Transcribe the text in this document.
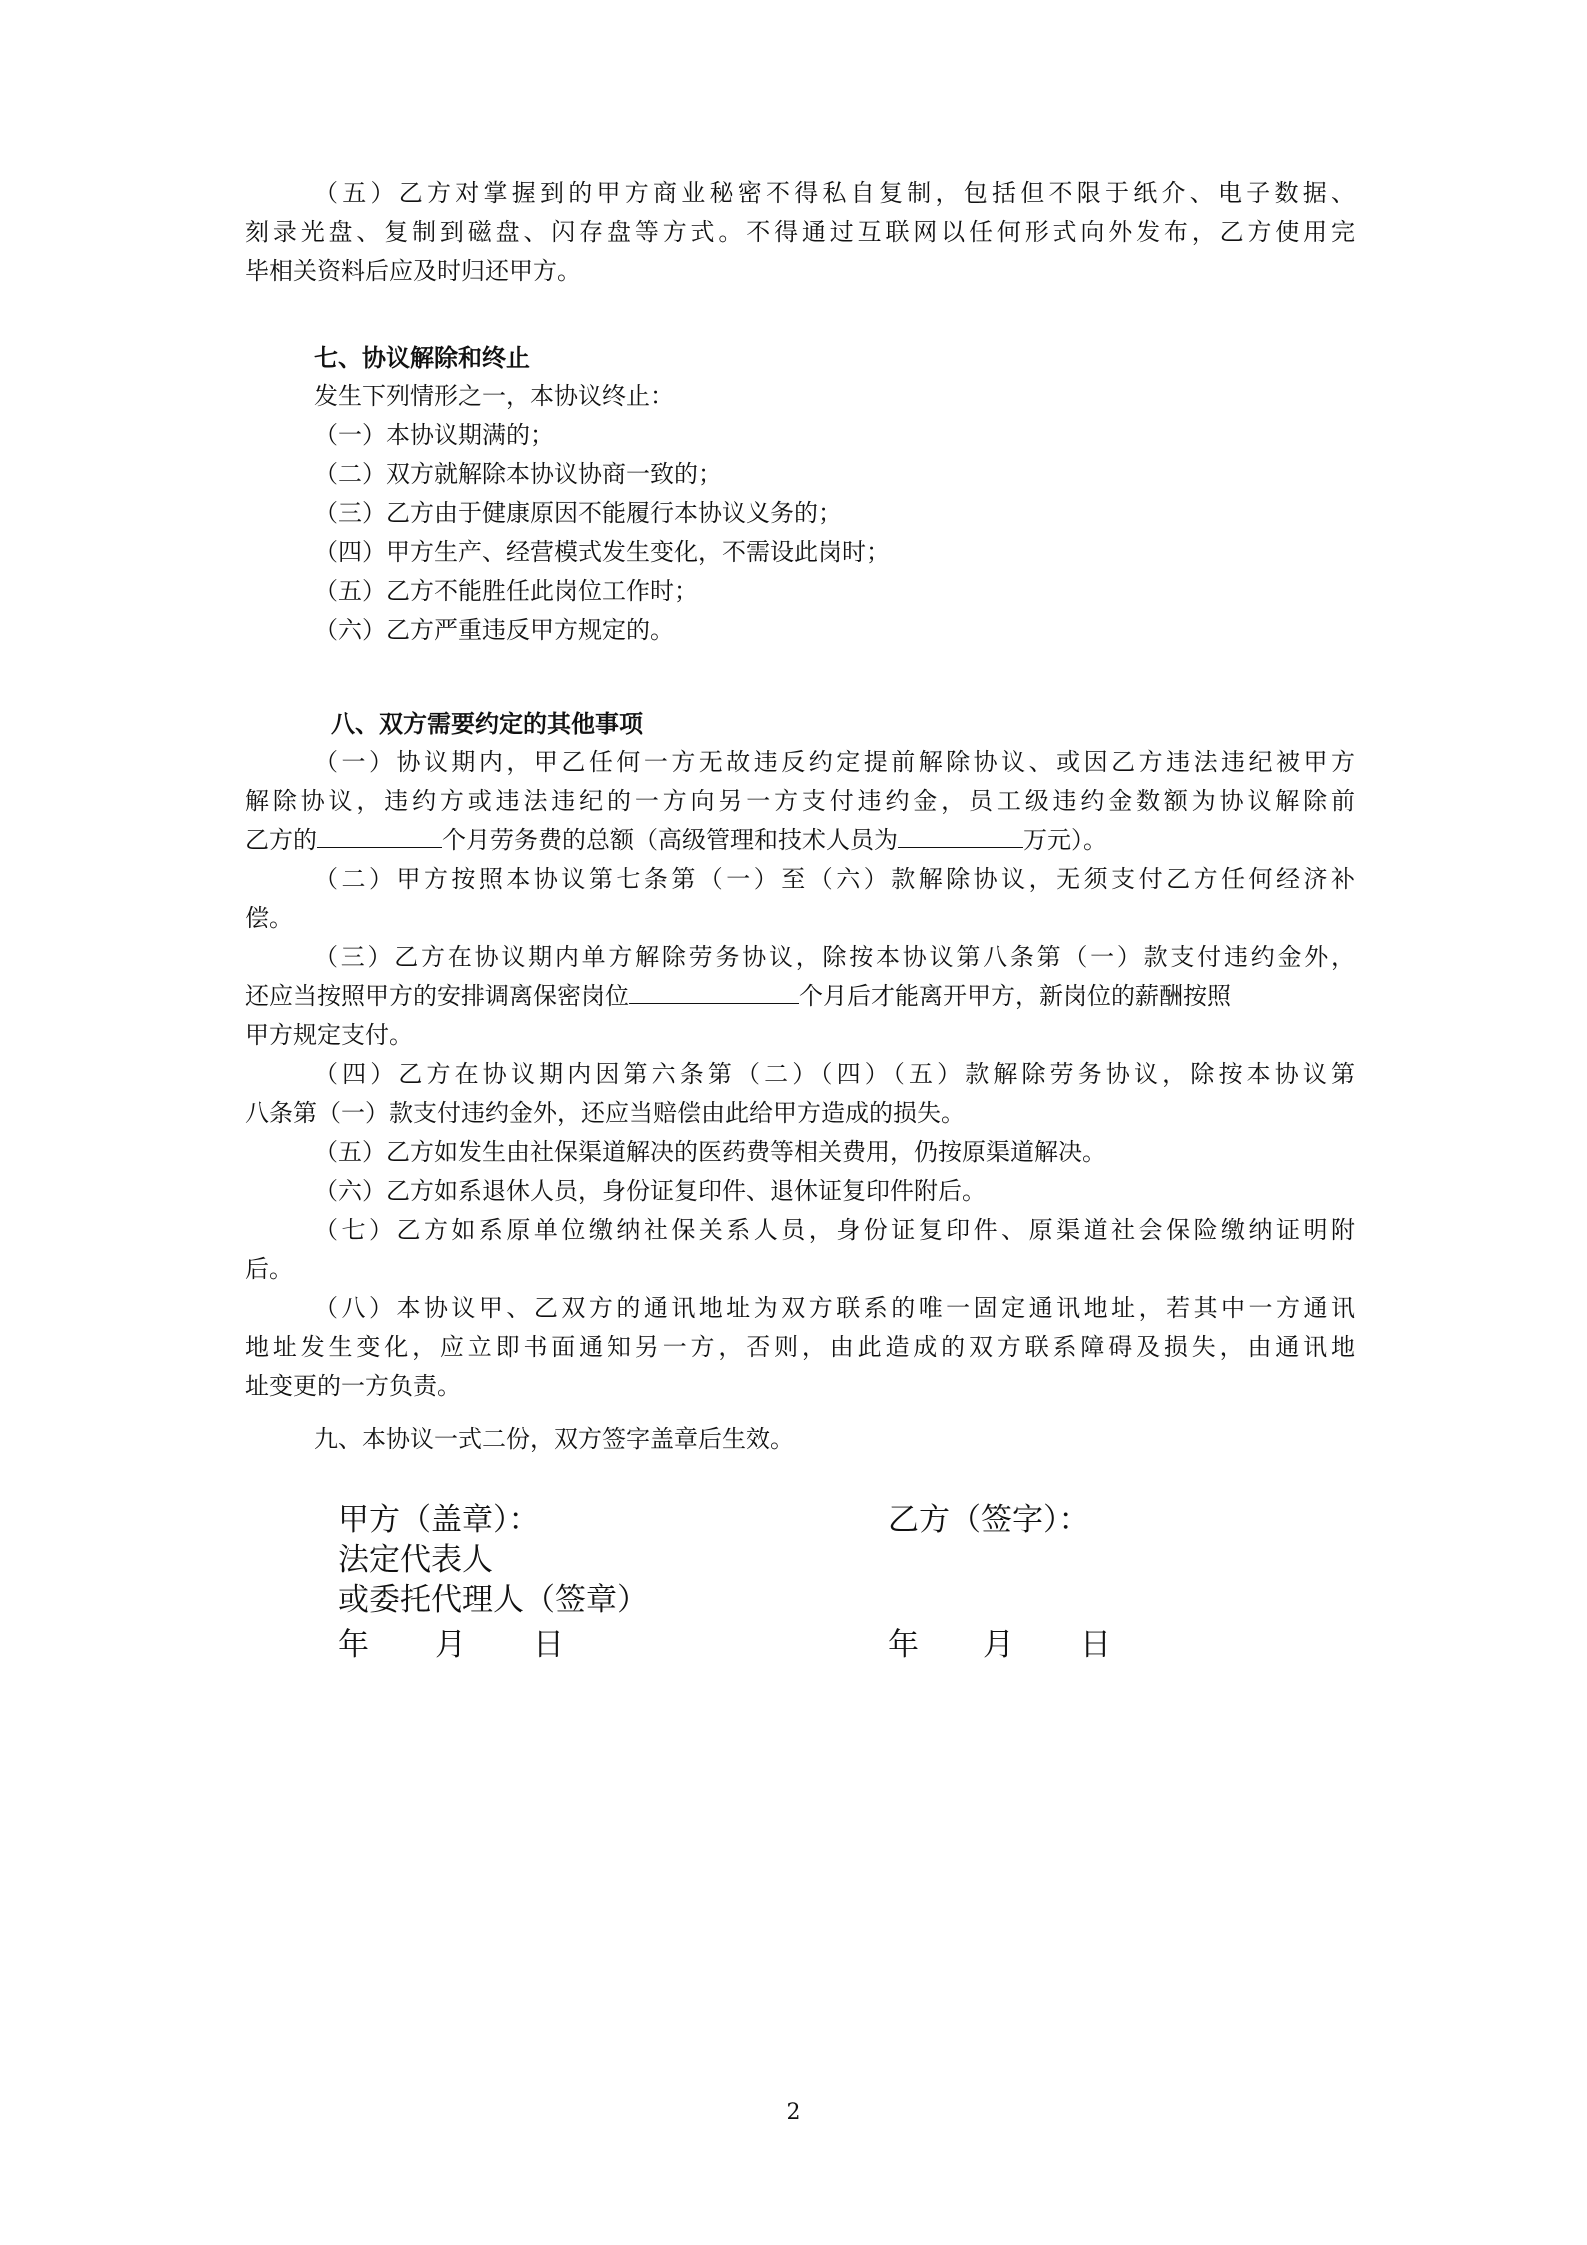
（五）乙方对掌握到的甲方商业秘密不得私自复制，包括但不限于纸介、电子数据、
刻录光盘、复制到磁盘、闪存盘等方式。不得通过互联网以任何形式向外发布，乙方使用完
毕相关资料后应及时归还甲方。
七、协议解除和终止
发生下列情形之一，本协议终止：
（一）本协议期满的；
（二）双方就解除本协议协商一致的；
（三）乙方由于健康原因不能履行本协议义务的；
（四）甲方生产、经营模式发生变化，不需设此岗时；
（五）乙方不能胜任此岗位工作时；
（六）乙方严重违反甲方规定的。
八、双方需要约定的其他事项
（一）协议期内，甲乙任何一方无故违反约定提前解除协议、或因乙方违法违纪被甲方
解除协议，违约方或违法违纪的一方向另一方支付违约金，员工级违约金数额为协议解除前
乙方的	个月劳务费的总额（高级管理和技术人员为	万元）。
（二）甲方按照本协议第七条第（一）至（六）款解除协议，无须支付乙方任何经济补
偿。
（三）乙方在协议期内单方解除劳务协议，除按本协议第八条第（一）款支付违约金外，
还应当按照甲方的安排调离保密岗位	个月后才能离开甲方，新岗位的薪酬按照
甲方规定支付。
（四）乙方在协议期内因第六条第（二）（四）（五）款解除劳务协议，除按本协议第
八条第（一）款支付违约金外，还应当赔偿由此给甲方造成的损失。
（五）乙方如发生由社保渠道解决的医药费等相关费用，仍按原渠道解决。
（六）乙方如系退休人员，身份证复印件、退休证复印件附后。
（七）乙方如系原单位缴纳社保关系人员，身份证复印件、原渠道社会保险缴纳证明附
后。
（八）本协议甲、乙双方的通讯地址为双方联系的唯一固定通讯地址，若其中一方通讯
地址发生变化，应立即书面通知另一方，否则，由此造成的双方联系障碍及损失，由通讯地
址变更的一方负责。
九、本协议一式二份，双方签字盖章后生效。
甲方（盖章）：	乙方（签字）：
法定代表人
或委托代理人（签章）
年 月 日	年 月 日
2
